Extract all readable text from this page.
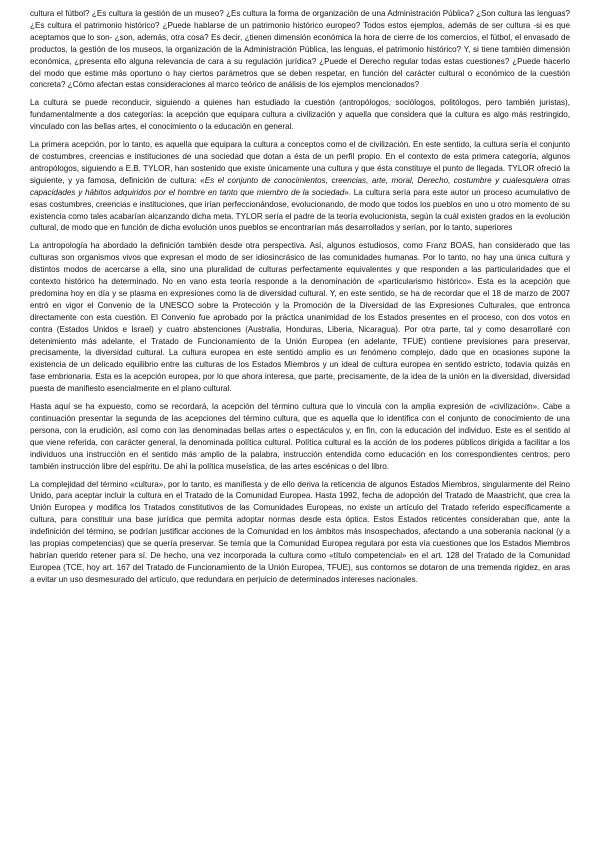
cultura el fútbol? ¿Es cultura la gestión de un museo? ¿Es cultura la forma de organización de una Administración Pública? ¿Son cultura las lenguas? ¿Es cultura el patrimonio histórico? ¿Puede hablarse de un patrimonio histórico europeo? Todos estos ejemplos, además de ser cultura -si es que aceptamos que lo son- ¿son, además, otra cosa? Es decir, ¿tienen dimensión económica la hora de cierre de los comercios, el fútbol, el envasado de productos, la gestión de los museos, la organización de la Administración Pública, las lenguas, el patrimonio histórico? Y, si tiene también dimensión económica, ¿presenta ello alguna relevancia de cara a su regulación jurídica? ¿Puede el Derecho regular todas estas cuestiones? ¿Puede hacerlo del modo que estime más oportuno o hay ciertos parámetros que se deben respetar, en función del carácter cultural o económico de la cuestión concreta? ¿Cómo afectan estas consideraciones al marco teórico de análisis de los ejemplos mencionados?

La cultura se puede reconducir, siguiendo a quienes han estudiado la cuestión (antropólogos, sociólogos, politólogos, pero también juristas), fundamentalmente a dos categorías: la acepción que equipara cultura a civilización y aquella que considera que la cultura es algo más restringido, vinculado con las bellas artes, el conocimiento o la educación en general.

La primera acepción, por lo tanto, es aquella que equipara la cultura a conceptos como el de civilización. En este sentido, la cultura sería el conjunto de costumbres, creencias e instituciones de una sociedad que dotan a ésta de un perfil propio. En el contexto de esta primera categoría, algunos antropólogos, siguiendo a E.B. TYLOR, han sostenido que existe únicamente una cultura y que ésta constituye el punto de llegada. TYLOR ofreció la siguiente, y ya famosa, definición de cultura: «Es el conjunto de conocimientos, creencias, arte, moral, Derecho, costumbre y cualesquiera otras capacidades y hábitos adquiridos por el hombre en tanto que miembro de la sociedad». La cultura sería para este autor un proceso acumulativo de esas costumbres, creencias e instituciones, que irían perfeccionándose, evolucionando, de modo que todos los pueblos en uno u otro momento de su existencia como tales acabarían alcanzando dicha meta. TYLOR sería el padre de la teoría evolucionista, según la cuál existen grados en la evolución cultural, de modo que en función de dicha evolución unos pueblos se encontrarían más desarrollados y serían, por lo tanto, superiores

La antropología ha abordado la definición también desde otra perspectiva. Así, algunos estudiosos, como Franz BOAS, han considerado que las culturas son organismos vivos que expresan el modo de ser idiosincrásico de las comunidades humanas. Por lo tanto, no hay una única cultura y distintos modos de acercarse a ella, sino una pluralidad de culturas perfectamente equivalentes y que responden a las particularidades que el contexto histórico ha determinado. No en vano esta teoría responde a la denominación de «particularismo histórico». Esta es la acepción que predomina hoy en día y se plasma en expresiones como la de diversidad cultural. Y, en este sentido, se ha de recordar que el 18 de marzo de 2007 entró en vigor el Convenio de la UNESCO sobre la Protección y la Promoción de la Diversidad de las Expresiones Culturales, que entronca directamente con esta cuestión. El Convenio fue aprobado por la práctica unanimidad de los Estados presentes en el proceso, con dos votos en contra (Estados Unidos e Israel) y cuatro abstenciones (Australia, Honduras, Liberia, Nicaragua). Por otra parte, tal y como desarrollaré con detenimiento más adelante, el Tratado de Funcionamiento de la Unión Europea (en adelante, TFUE) contiene previsiones para preservar, precisamente, la diversidad cultural. La cultura europea en este sentido amplio es un fenómeno complejo, dado que en ocasiones supone la existencia de un delicado equilibrio entre las culturas de los Estados Miembros y un ideal de cultura europea en sentido estricto, todavía quizás en fase embrionaria. Esta es la acepción europea, por lo que ahora interesa, que parte, precisamente, de la idea de la unión en la diversidad, diversidad puesta de manifiesto esencialmente en el plano cultural.

Hasta aquí se ha expuesto, como se recordará, la acepción del término cultura que lo vincula con la amplia expresión de «civilización». Cabe a continuación presentar la segunda de las acepciones del término cultura, que es aquella que lo identifica con el conjunto de conocimiento de una persona, con la erudición, así como con las denominadas bellas artes o espectáculos y, en fin, con la educación del individuo. Este es el sentido al que viene referida, con carácter general, la denominada política cultural. Política cultural es la acción de los poderes públicos dirigida a facilitar a los individuos una instrucción en el sentido más amplio de la palabra, instrucción entendida como educación en los correspondientes centros, pero también instrucción libre del espíritu. De ahí la política museística, de las artes escénicas o del libro.

La complejidad del término «cultura», por lo tanto, es manifiesta y de ello deriva la reticencia de algunos Estados Miembros, singularmente del Reino Unido, para aceptar incluir la cultura en el Tratado de la Comunidad Europea. Hasta 1992, fecha de adopción del Tratado de Maastricht, que crea la Unión Europea y modifica los Tratados constitutivos de las Comunidades Europeas, no existe un artículo del Tratado referido específicamente a cultura, para constituir una base jurídica que permita adoptar normas desde esta óptica. Estos Estados reticentes consideraban que, ante la indefinición del término, se podrían justificar acciones de la Comunidad en los ámbitos más insospechados, afectando a una soberanía nacional (y a las propias competencias) que se quería preservar. Se temía que la Comunidad Europea regulara por esta vía cuestiones que los Estados Miembros habrían querido retener para sí. De hecho, una vez incorporada la cultura como «título competencial» en el art. 128 del Tratado de la Comunidad Europea (TCE, hoy art. 167 del Tratado de Funcionamiento de la Unión Europea, TFUE), sus contornos se dotaron de una tremenda rigidez, en aras a evitar un uso desmesurado del artículo, que redundara en perjuicio de determinados intereses nacionales.
